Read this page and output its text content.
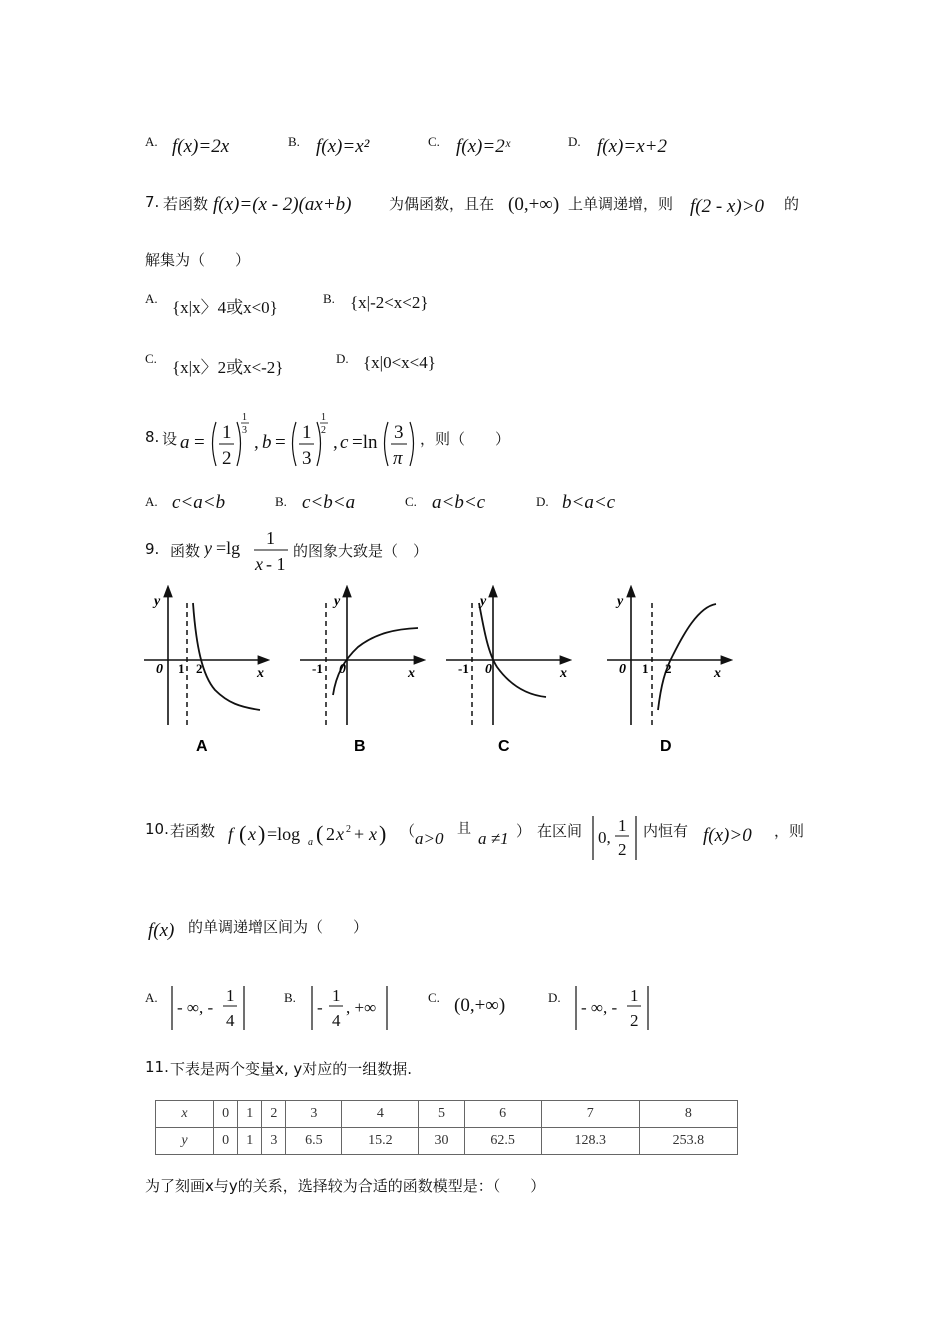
A. f(x)=2x	B. f(x)=x²	C. f(x)=2ˣ	D. f(x)=x+2
7. 若函数 f(x)=(x - 2)(ax+b) 为偶函数，且在 (0,+∞) 上单调递增，则 f(2 - x)>0 的
解集为（　　）
A. {x|x〉4或x<0}	B. {x|-2<x<2}
C. {x|x〉2或x<-2}	D. {x|0<x<4}
8. 设 a = 1
2
1
3
, b = 1
3
1
2
, c =ln 3
π
，则（　　）
A. c<a<b	B. c<b<a	C. a<b<c	D. b<a<c
9. 函数 y =lg 1
x - 1
的图象大致是（　）
y
x
0 1 2
A
y
x
0
-1
B
y
x
0
-1
C
y
x
0 1 2
D
10. 若函数 f ( x ) =log a ( 2 x 2 + x ) （ a>0 且 a ≠1 ） 在区间 0,
1
2
内恒有 f(x)>0 ，则
f(x) 的单调递增区间为（　　）
A.
- ∞, -
1
4
B.
-
1
4
, +∞
C. (0,+∞)	D.
- ∞, -
1
2
11. 下表是两个变量x, y对应的一组数据.
x	0	1	2	3	4	5	6	7	8
y	0	1	3	6.5	15.2	30	62.5	128.3	253.8
为了刻画x与y的关系，选择较为合适的函数模型是：（　　）
